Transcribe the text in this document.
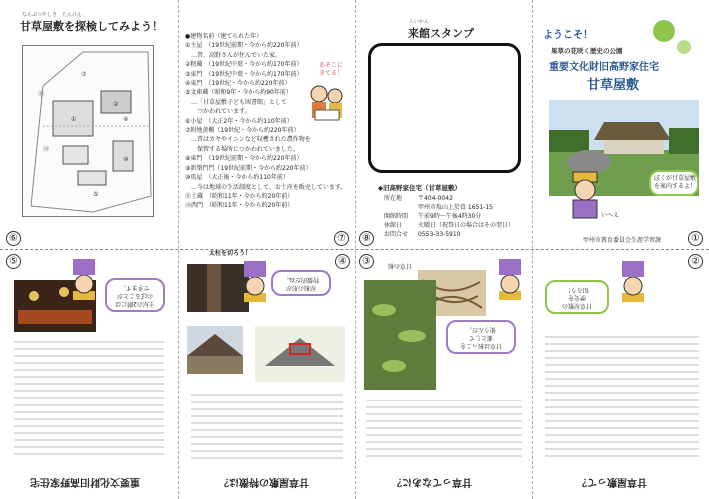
なんぶつやしき　たんけん
甘草屋敷を探検してみよう！
⑦
⑪
①	④
⑫
⑩
⑤
②
⑥
●建物名前（建てられた年）
①主屋　（19世紀前期・今から約220年前）
　…昔、高野さんが住んでいた家。
②籾蔵　（19世紀中葉・今から約170年前）
③東門　（19世紀中葉・今から約170年前）
④東門　（19世紀・今から約220年前）
⑤文庫蔵（昭和9年・今から約90年前）
　…「甘草屋敷子ども図書館」として
　　つかわれています。
⑥小屋　（大正2年・今から約110年前）
⑦附地黄棚（19世紀・今から約220年前）
　…昔はカヤやイニンなど収穫された農作物を
　　保管する場所につかわれていました。
⑧東門　（19世紀前期・今から約220年前）
⑨新築門門（19世紀前期・今から約220年前）
⑩馬屋　（大正後・今から約110年前）
　…今は地域の生活制度として、お土産を販売しています。
⑪土蔵　（昭和11年・今から約20年前）
⑫西門　（昭和11年・今から約20年前）
あそこに
きてる！
⑦
らいかん
来館スタンプ
◆旧高野家住宅（甘草屋敷）
所在地	〒404-0042
甲州市塩山上於曽 1651-15
開館時間 午前9時〜午後4時30分
休館日	火曜日（祝祭日の場合はその翌日）
お問合せ 0553-33-5910
⑧
ようこそ！
果草の花咲く歴史の公園
重要文化財旧高野家住宅
甘草屋敷
ぼくが甘草屋敷
を案内するよ！
いへえ
甲州市教育委員会生涯学習課	①
⑤
主屋の2階には
のぼることが
できます。
重要文化財旧高野家住宅
④
太柱を切ろう！
屋根の形が
特徴的だね。
甘草屋敷の特徴は？
③	甘草の根
甘草は根っこを
薬として
使うんだ。
甘草ってなあに？
②
甘草屋敷の
歴史を
知ろう！
甘草屋敷って？
